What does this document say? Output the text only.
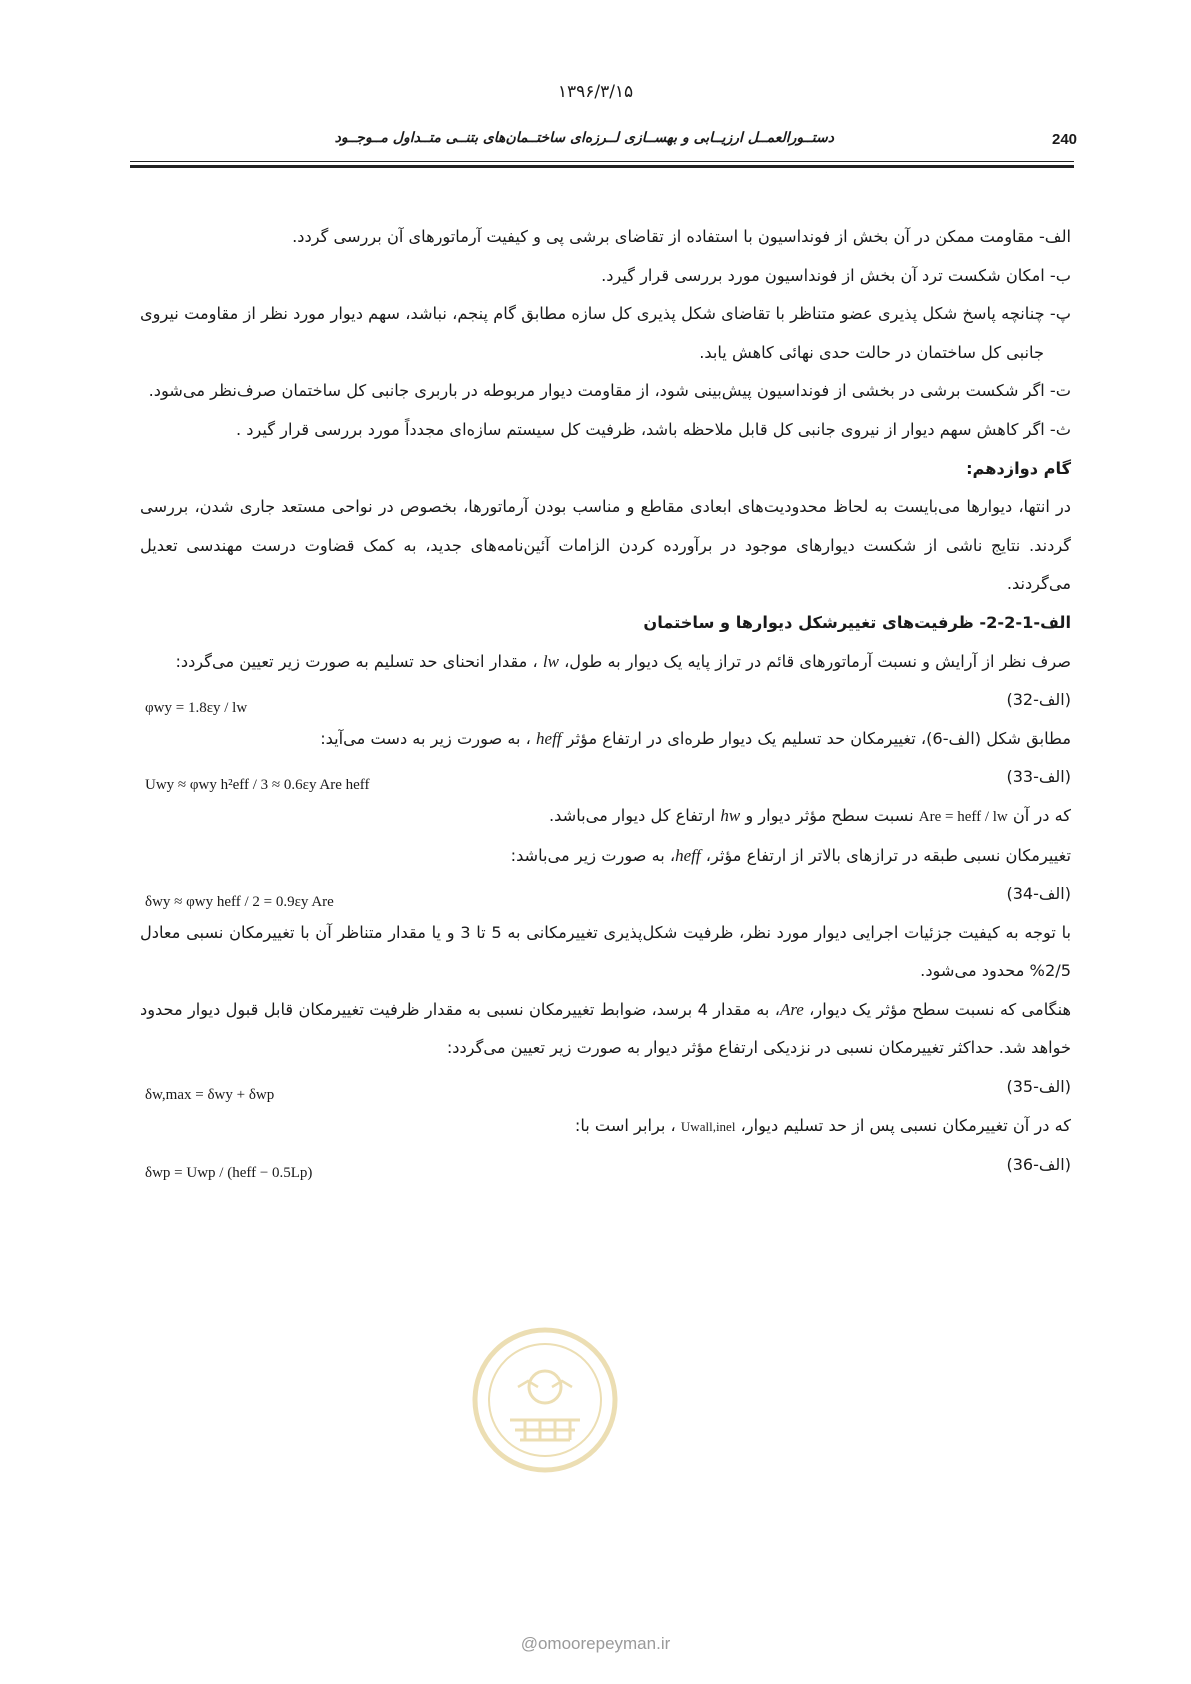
۱۳۹۶/۳/۱۵
240
دستــورالعمــل ارزیــابی و بهســازی لــرزه‌ای ساختــمان‌های بتنــی متــداول مــوجــود

الف- مقاومت ممکن در آن بخش از فونداسیون با استفاده از تقاضای برشی پی و کیفیت آرماتورهای آن بررسی گردد.

ب- امکان شکست ترد آن بخش از فونداسیون مورد بررسی قرار گیرد.

پ- چنانچه پاسخ شکل پذیری عضو متناظر با تقاضای شکل پذیری کل سازه مطابق گام پنجم، نباشد، سهم دیوار مورد نظر از مقاومت نیروی جانبی کل ساختمان در حالت حدی نهائی کاهش یابد.

ت- اگر شکست برشی در بخشی از فونداسیون پیش‌بینی شود، از مقاومت دیوار مربوطه در باربری جانبی کل ساختمان صرف‌نظر می‌شود.

ث- اگر کاهش سهم دیوار از نیروی جانبی کل قابل ملاحظه باشد، ظرفیت کل سیستم سازه‌ای مجدداً مورد بررسی قرار گیرد .

گام دوازدهم:

در انتها، دیوارها می‌بایست به لحاظ محدودیت‌های ابعادی مقاطع و مناسب بودن آرماتورها، بخصوص در نواحی مستعد جاری شدن، بررسی گردند. نتایج ناشی از شکست دیوارهای موجود در برآورده کردن الزامات آئین‌نامه‌های جدید، به کمک قضاوت درست مهندسی تعدیل می‌گردند.

الف-1-2-2- ظرفیت‌های تغییرشکل دیوارها و ساختمان

صرف نظر از آرایش و نسبت آرماتورهای قائم در تراز پایه یک دیوار به طول، lw ، مقدار انحنای حد تسلیم به صورت زیر تعیین می‌گردد:

φwy = 1.8εy / lw	(الف-32)

مطابق شکل (الف-6)، تغییرمکان حد تسلیم یک دیوار طره‌ای در ارتفاع مؤثر heff ، به صورت زیر به دست می‌آید:

Uwy ≈ φwy h²eff / 3 ≈ 0.6εy Are heff	(الف-33)

که در آن Are = heff / lw نسبت سطح مؤثر دیوار و hw ارتفاع کل دیوار می‌باشد.

تغییرمکان نسبی طبقه در ترازهای بالاتر از ارتفاع مؤثر، heff، به صورت زیر می‌باشد:

δwy ≈ φwy heff / 2 = 0.9εy Are	(الف-34)

با توجه به کیفیت جزئیات اجرایی دیوار مورد نظر، ظرفیت شکل‌پذیری تغییرمکانی به 5 تا 3 و یا مقدار متناظر آن با تغییرمکان نسبی معادل 2/5% محدود می‌شود.

هنگامی که نسبت سطح مؤثر یک دیوار، Are، به مقدار 4 برسد، ضوابط تغییرمکان نسبی به مقدار ظرفیت تغییرمکان قابل قبول دیوار محدود خواهد شد. حداکثر تغییرمکان نسبی در نزدیکی ارتفاع مؤثر دیوار به صورت زیر تعیین می‌گردد:

δw,max = δwy + δwp	(الف-35)

که در آن تغییرمکان نسبی پس از حد تسلیم دیوار، Uwall,inel ، برابر است با:

δwp = Uwp / (heff − 0.5Lp)	(الف-36)
@omoorepeyman.ir
